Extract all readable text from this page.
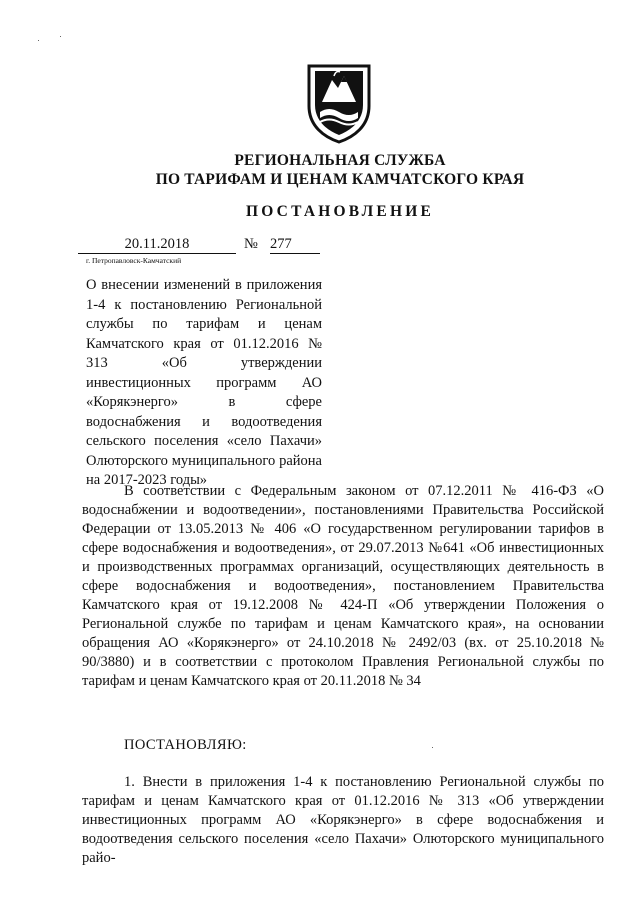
РЕГИОНАЛЬНАЯ СЛУЖБА
ПО ТАРИФАМ И ЦЕНАМ КАМЧАТСКОГО КРАЯ
ПОСТАНОВЛЕНИЕ
20.11.2018	№ 277
г. Петропавловск-Камчатский

О внесении изменений в приложения 1-4 к постановлению Региональной службы по тарифам и ценам Камчатского края от 01.12.2016 № 313 «Об утверждении инвестиционных программ АО «Корякэнерго» в сфере водоснабжения и водоотведения сельского поселения «село Пахачи» Олюторского муниципального района на 2017-2023 годы»

В соответствии с Федеральным законом от 07.12.2011 № 416-ФЗ «О водоснабжении и водоотведении», постановлениями Правительства Российской Федерации от 13.05.2013 № 406 «О государственном регулировании тарифов в сфере водоснабжения и водоотведения», от 29.07.2013 №641 «Об инвестиционных и производственных программах организаций, осуществляющих деятельность в сфере водоснабжения и водоотведения», постановлением Правительства Камчатского края от 19.12.2008 № 424-П «Об утверждении Положения о Региональной службе по тарифам и ценам Камчатского края», на основании обращения АО «Корякэнерго» от 24.10.2018 № 2492/03 (вх. от 25.10.2018 № 90/3880) и в соответствии с протоколом Правления Региональной службы по тарифам и ценам Камчатского края от 20.11.2018 № 34

ПОСТАНОВЛЯЮ:

1. Внести в приложения 1-4 к постановлению Региональной службы по тарифам и ценам Камчатского края от 01.12.2016 № 313 «Об утверждении инвестиционных программ АО «Корякэнерго» в сфере водоснабжения и водоотведения сельского поселения «село Пахачи» Олюторского муниципального райо-
